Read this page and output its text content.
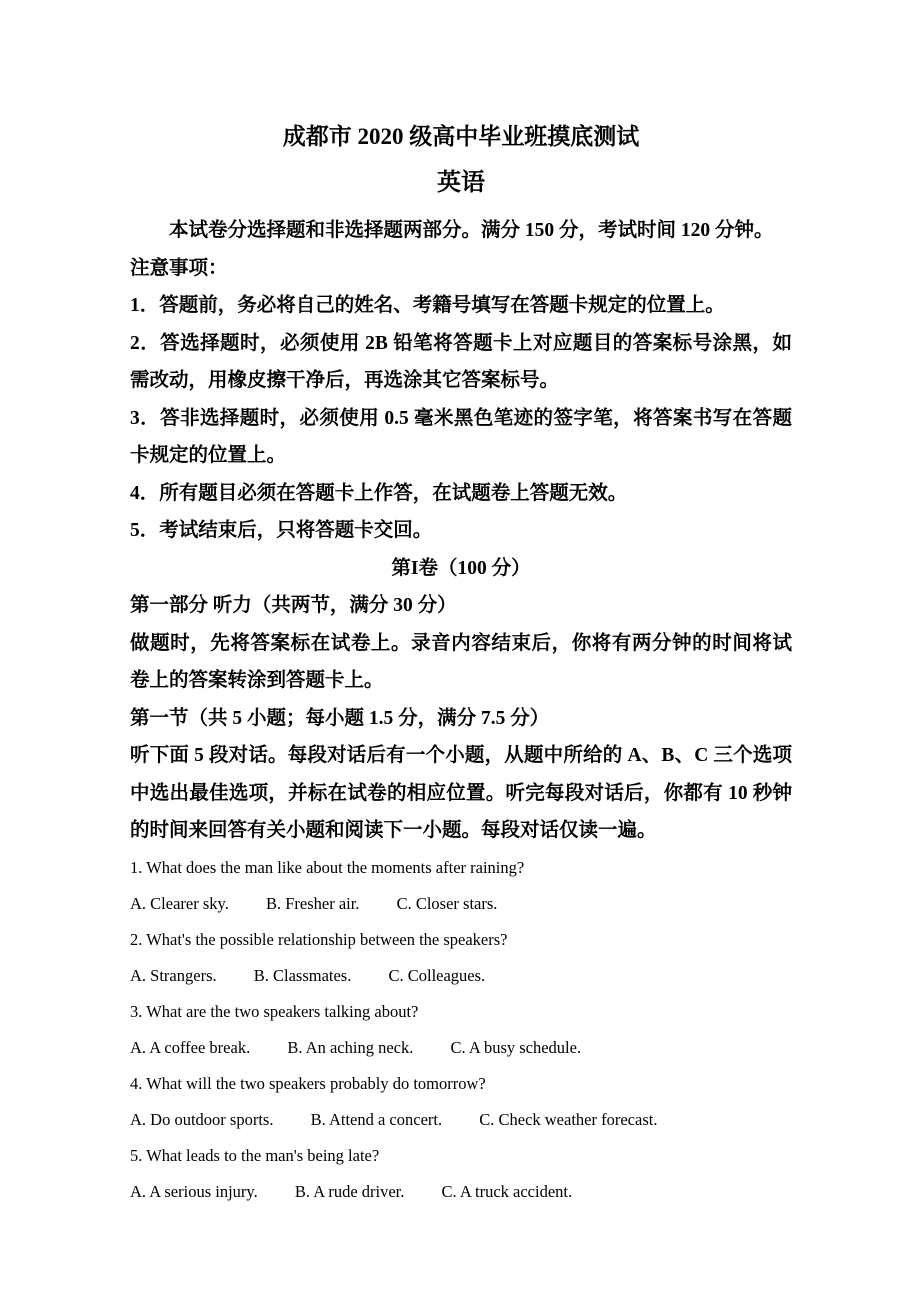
成都市 2020 级高中毕业班摸底测试
英语

本试卷分选择题和非选择题两部分。满分 150 分，考试时间 120 分钟。

注意事项：

1．答题前，务必将自己的姓名、考籍号填写在答题卡规定的位置上。

2．答选择题时，必须使用 2B 铅笔将答题卡上对应题目的答案标号涂黑，如需改动，用橡皮擦干净后，再选涂其它答案标号。

3．答非选择题时，必须使用 0.5 毫米黑色笔迹的签字笔，将答案书写在答题卡规定的位置上。

4．所有题目必须在答题卡上作答，在试题卷上答题无效。

5．考试结束后，只将答题卡交回。

第I卷（100 分）

第一部分 听力（共两节，满分 30 分）

做题时，先将答案标在试卷上。录音内容结束后，你将有两分钟的时间将试卷上的答案转涂到答题卡上。

第一节（共 5 小题；每小题 1.5 分，满分 7.5 分）

听下面 5 段对话。每段对话后有一个小题，从题中所给的 A、B、C 三个选项中选出最佳选项，并标在试卷的相应位置。听完每段对话后，你都有 10 秒钟的时间来回答有关小题和阅读下一小题。每段对话仅读一遍。

1. What does the man like about the moments after raining?

A. Clearer sky. B. Fresher air. C. Closer stars.

2. What's the possible relationship between the speakers?

A. Strangers. B. Classmates. C. Colleagues.

3. What are the two speakers talking about?

A. A coffee break. B. An aching neck. C. A busy schedule.

4. What will the two speakers probably do tomorrow?

A. Do outdoor sports. B. Attend a concert. C. Check weather forecast.

5. What leads to the man's being late?

A. A serious injury. B. A rude driver. C. A truck accident.
